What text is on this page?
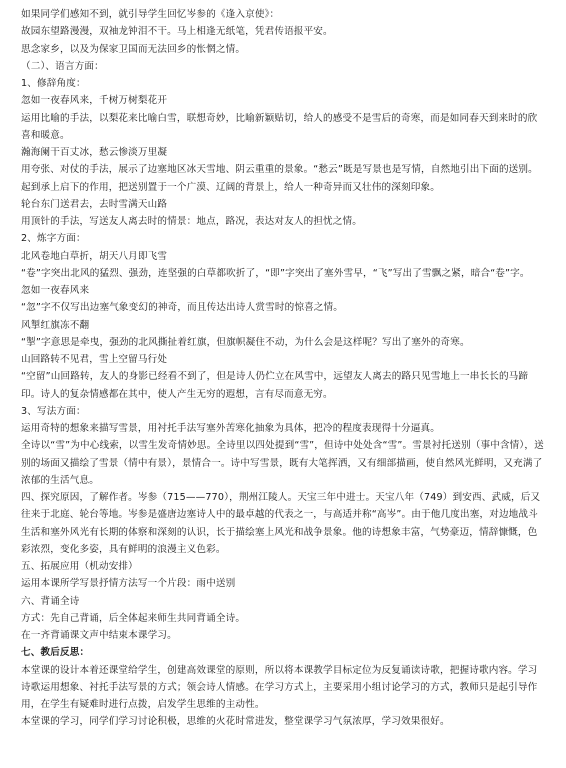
如果同学们感知不到，就引导学生回忆岑参的《逢入京使》：
故园东望路漫漫，双袖龙钟泪不干。马上相逢无纸笔，凭君传语报平安。
思念家乡，以及为保家卫国而无法回乡的怅惘之情。
（二）、语言方面：
1、修辞角度：
忽如一夜春风来，千树万树梨花开
运用比喻的手法，以梨花来比喻白雪，联想奇妙，比喻新颖贴切，给人的感受不是雪后的奇寒，而是如同春天到来时的欣喜和暖意。
瀚海阑干百丈冰，愁云惨淡万里凝
用夸张、对仗的手法，展示了边塞地区冰天雪地、阴云重重的景象。“愁云”既是写景也是写情，自然地引出下面的送别。起到承上启下的作用，把送别置于一个广漠、辽阔的背景上，给人一种奇异而又壮伟的深刻印象。
轮台东门送君去，去时雪满天山路
用顶针的手法，写送友人离去时的情景：地点，路况，表达对友人的担忧之情。
2、炼字方面：
北风卷地白草折，胡天八月即飞雪
“卷”字突出北风的猛烈、强劲，连坚强的白草都吹折了，“即”字突出了塞外雪早，“飞”写出了雪飘之紧，暗合“卷”字。
忽如一夜春风来
“忽”字不仅写出边塞气象变幻的神奇，而且传达出诗人赏雪时的惊喜之情。
风掣红旗冻不翻
“掣”字意思是牵曳，强劲的北风撕扯着红旗，但旗帜凝住不动，为什么会是这样呢？写出了塞外的奇寒。
山回路转不见君，雪上空留马行处
“空留”山回路转，友人的身影已经看不到了，但是诗人仍伫立在风雪中，远望友人离去的路只见雪地上一串长长的马蹄印。诗人的复杂情感都在其中，使人产生无穷的遐想，言有尽而意无穷。
3、写法方面：
运用奇特的想象来描写雪景，用衬托手法写塞外苦寒化抽象为具体，把冷的程度表现得十分逼真。
全诗以“雪”为中心线索，以雪生发奇情妙思。全诗里以四处提到“雪”，但诗中处处含“雪”。雪景衬托送别（事中含情），送别的场面又描绘了雪景（情中有景），景情合一。诗中写雪景，既有大笔挥洒，又有细部描画，使自然风光鲜明，又充满了浓郁的生活气息。
四、探究原因，了解作者。岑参（715——770），荆州江陵人。天宝三年中进士。天宝八年（749）到安西、武威，后又往来于北庭、轮台等地。岑参是盛唐边塞诗人中的最卓越的代表之一，与高适并称“高岑”。由于他几度出塞，对边地战斗生活和塞外风光有长期的体察和深刻的认识，长于描绘塞上风光和战争景象。他的诗想象丰富，气势豪迈，情辞慷慨，色彩浓烈，变化多姿，具有鲜明的浪漫主义色彩。
五、拓展应用（机动安排）
运用本课所学写景抒情方法写一个片段：雨中送别
六、背诵全诗
方式：先自己背诵，后全体起来师生共同背诵全诗。
在一齐背诵课文声中结束本课学习。
七、教后反思：
本堂课的设计本着还课堂给学生，创建高效课堂的原则，所以将本课教学目标定位为反复诵读诗歌，把握诗歌内容。学习诗歌运用想象、衬托手法写景的方式；领会诗人情感。在学习方式上，主要采用小组讨论学习的方式，教师只是起引导作用，在学生有疑难时进行点拨，启发学生思维的主动性。
本堂课的学习，同学们学习讨论积极，思维的火花时常进发，整堂课学习气氛浓厚，学习效果很好。
